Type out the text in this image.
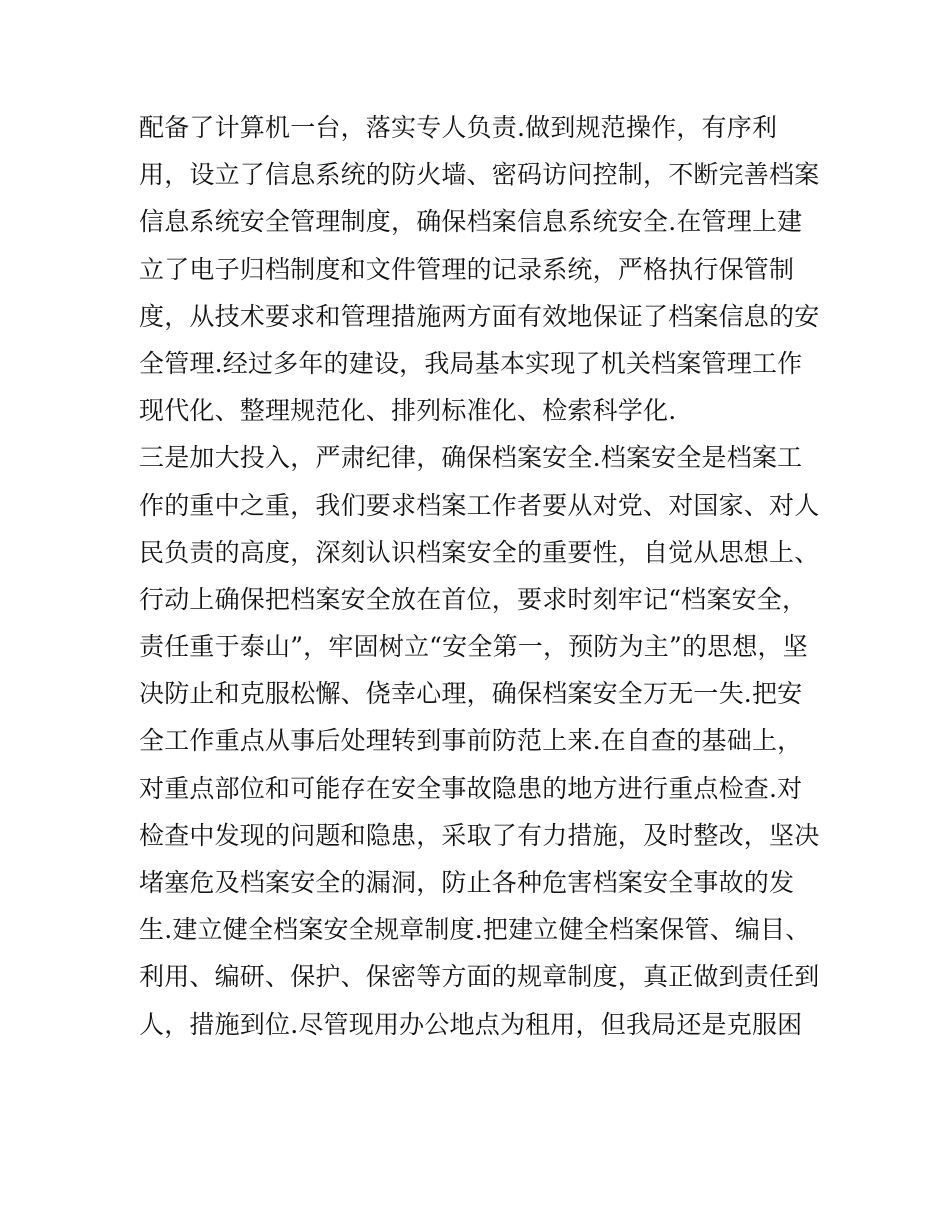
配备了计算机一台，落实专人负责.做到规范操作，有序利
用，设立了信息系统的防火墙、密码访问控制，不断完善档案
信息系统安全管理制度，确保档案信息系统安全.在管理上建
立了电子归档制度和文件管理的记录系统，严格执行保管制
度，从技术要求和管理措施两方面有效地保证了档案信息的安
全管理.经过多年的建设，我局基本实现了机关档案管理工作
现代化、整理规范化、排列标准化、检索科学化.
三是加大投入，严肃纪律，确保档案安全.档案安全是档案工
作的重中之重，我们要求档案工作者要从对党、对国家、对人
民负责的高度，深刻认识档案安全的重要性，自觉从思想上、
行动上确保把档案安全放在首位，要求时刻牢记“档案安全，
责任重于泰山”，牢固树立“安全第一，预防为主”的思想，坚
决防止和克服松懈、侥幸心理，确保档案安全万无一失.把安
全工作重点从事后处理转到事前防范上来.在自查的基础上，
对重点部位和可能存在安全事故隐患的地方进行重点检查.对
检查中发现的问题和隐患，采取了有力措施，及时整改，坚决
堵塞危及档案安全的漏洞，防止各种危害档案安全事故的发
生.建立健全档案安全规章制度.把建立健全档案保管、编目、
利用、编研、保护、保密等方面的规章制度，真正做到责任到
人，措施到位.尽管现用办公地点为租用，但我局还是克服困
